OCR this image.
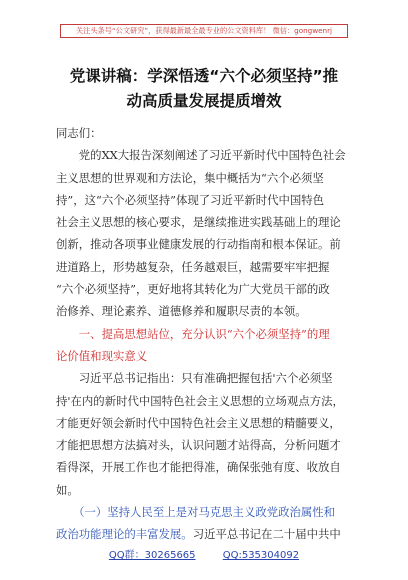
关注头条号“公文研究”，获得最新最全最专业的公文资料库！ 微信：gongwenrj
党课讲稿：学深悟透“六个必须坚持”推
动高质量发展提质增效
同志们：
　　党的XX大报告深刻阐述了习近平新时代中国特色社会
主义思想的世界观和方法论，集中概括为“六个必须坚
持”，这“六个必须坚持”体现了习近平新时代中国特色
社会主义思想的核心要求，是继续推进实践基础上的理论
创新，推动各项事业健康发展的行动指南和根本保证。前
进道路上，形势越复杂，任务越艰巨，越需要牢牢把握
“六个必须坚持”，更好地将其转化为广大党员干部的政
治修养、理论素养、道德修养和履职尽责的本领。
　　一、提高思想站位，充分认识“六个必须坚持”的理
论价值和现实意义
　　习近平总书记指出：只有准确把握包括'六个必须坚
持'在内的新时代中国特色社会主义思想的立场观点方法，
才能更好领会新时代中国特色社会主义思想的精髓要义，
才能把思想方法搞对头，认识问题才站得高，分析问题才
看得深，开展工作也才能把得准，确保张弛有度、收放自
如。
　　（一）坚持人民至上是对马克思主义政党政治属性和
政治功能理论的丰富发展。习近平总书记在二十届中共中
QQ群：30265665	QQ:535304092
